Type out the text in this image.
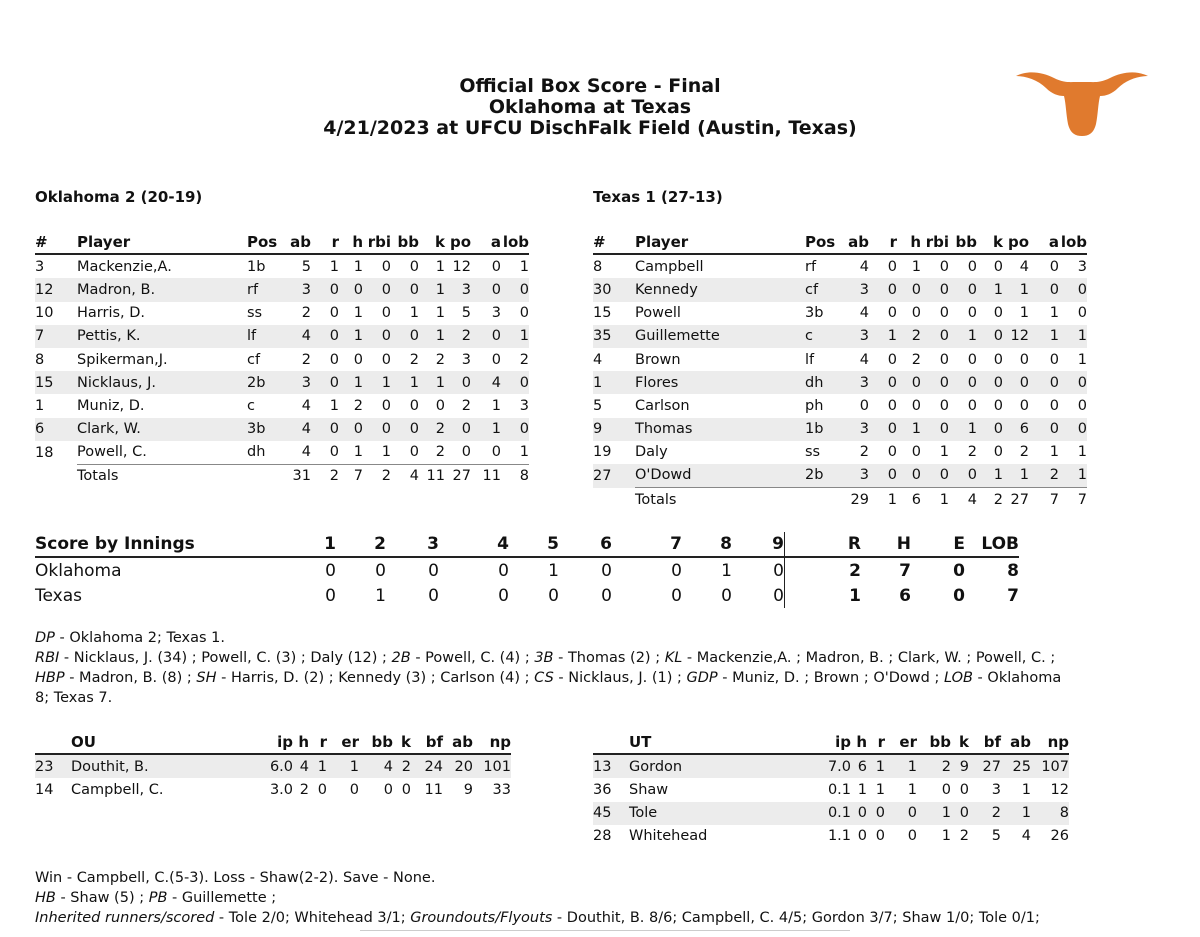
Official Box Score - Final
Oklahoma at Texas
4/21/2023 at UFCU DischFalk Field (Austin, Texas)
Oklahoma 2 (20-19)	Texas 1 (27-13)
#	Player	Pos	ab	r	h	rbi	bb	k	po	a	lob
3	Mackenzie,A.	1b	5	1	1	0	0	1	12	0	1
12	Madron, B.	rf	3	0	0	0	0	1	3	0	0
10	Harris, D.	ss	2	0	1	0	1	1	5	3	0
7	Pettis, K.	lf	4	0	1	0	0	1	2	0	1
8	Spikerman,J.	cf	2	0	0	0	2	2	3	0	2
15	Nicklaus, J.	2b	3	0	1	1	1	1	0	4	0
1	Muniz, D.	c	4	1	2	0	0	0	2	1	3
6	Clark, W.	3b	4	0	0	0	0	2	0	1	0
18	Powell, C.	dh	4	0	1	1	0	2	0	0	1
	Totals		31	2	7	2	4	11	27	11	8
#	Player	Pos	ab	r	h	rbi	bb	k	po	a	lob
8	Campbell	rf	4	0	1	0	0	0	4	0	3
30	Kennedy	cf	3	0	0	0	0	1	1	0	0
15	Powell	3b	4	0	0	0	0	0	1	1	0
35	Guillemette	c	3	1	2	0	1	0	12	1	1
4	Brown	lf	4	0	2	0	0	0	0	0	1
1	Flores	dh	3	0	0	0	0	0	0	0	0
5	Carlson	ph	0	0	0	0	0	0	0	0	0
9	Thomas	1b	3	0	1	0	1	0	6	0	0
19	Daly	ss	2	0	0	1	2	0	2	1	1
27	O'Dowd	2b	3	0	0	0	0	1	1	2	1
	Totals		29	1	6	1	4	2	27	7	7
Score by Innings	1	2	3	4	5	6	7	8	9	R	H	E	LOB
Oklahoma	0	0	0	0	1	0	0	1	0	2	7	0	8
Texas	0	1	0	0	0	0	0	0	0	1	6	0	7
DP - Oklahoma 2; Texas 1.
RBI - Nicklaus, J. (34) ; Powell, C. (3) ; Daly (12) ; 2B - Powell, C. (4) ; 3B - Thomas (2) ; KL - Mackenzie,A. ; Madron, B. ; Clark, W. ; Powell, C. ;
HBP - Madron, B. (8) ; SH - Harris, D. (2) ; Kennedy (3) ; Carlson (4) ; CS - Nicklaus, J. (1) ; GDP - Muniz, D. ; Brown ; O'Dowd ; LOB - Oklahoma
8; Texas 7.
	OU	ip	h	r	er	bb	k	bf	ab	np
23	Douthit, B.	6.0	4	1	1	4	2	24	20	101
14	Campbell, C.	3.0	2	0	0	0	0	11	9	33
	UT	ip	h	r	er	bb	k	bf	ab	np
13	Gordon	7.0	6	1	1	2	9	27	25	107
36	Shaw	0.1	1	1	1	0	0	3	1	12
45	Tole	0.1	0	0	0	1	0	2	1	8
28	Whitehead	1.1	0	0	0	1	2	5	4	26
Win - Campbell, C.(5-3). Loss - Shaw(2-2). Save - None.
HB - Shaw (5) ; PB - Guillemette ;
Inherited runners/scored - Tole 2/0; Whitehead 3/1; Groundouts/Flyouts - Douthit, B. 8/6; Campbell, C. 4/5; Gordon 3/7; Shaw 1/0; Tole 0/1;
